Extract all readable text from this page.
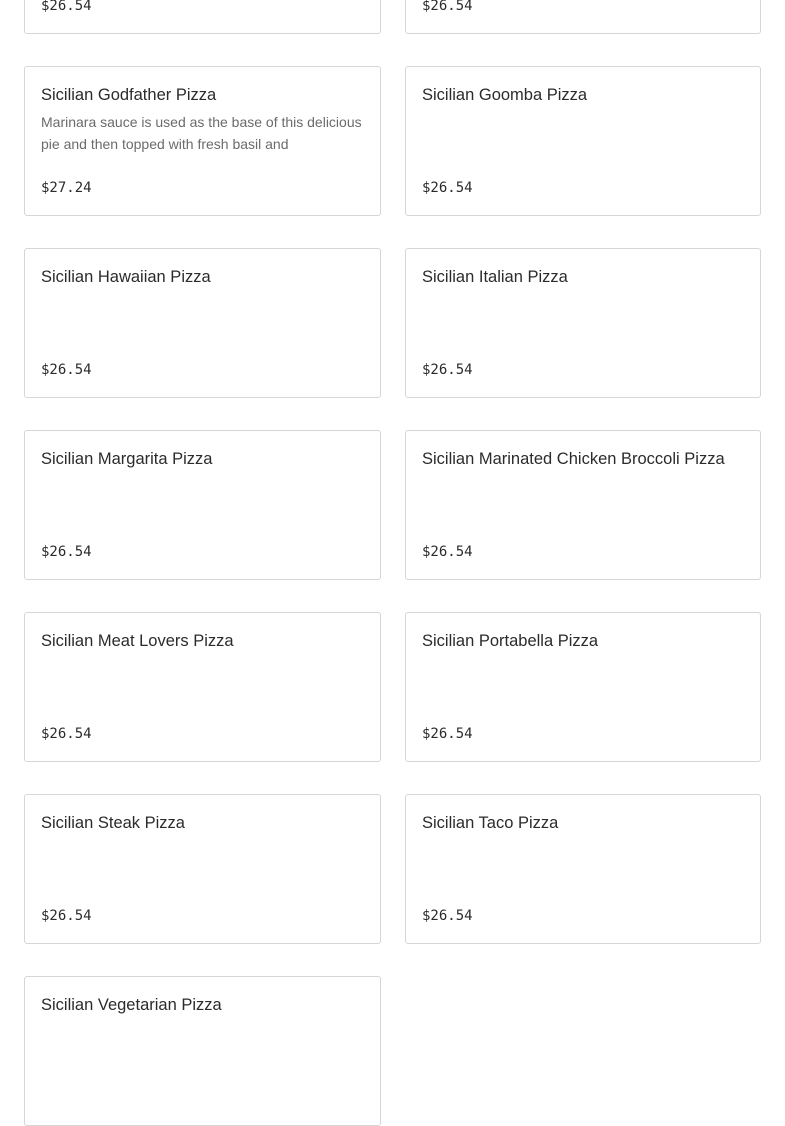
$26.54	$26.54
Sicilian Godfather Pizza
Marinara sauce is used as the base of this delicious pie and then topped with fresh basil and
$27.24
Sicilian Goomba Pizza
$26.54
Sicilian Hawaiian Pizza
$26.54
Sicilian Italian Pizza
$26.54
Sicilian Margarita Pizza
$26.54
Sicilian Marinated Chicken Broccoli Pizza
$26.54
Sicilian Meat Lovers Pizza
$26.54
Sicilian Portabella Pizza
$26.54
Sicilian Steak Pizza
$26.54
Sicilian Taco Pizza
$26.54
Sicilian Vegetarian Pizza
